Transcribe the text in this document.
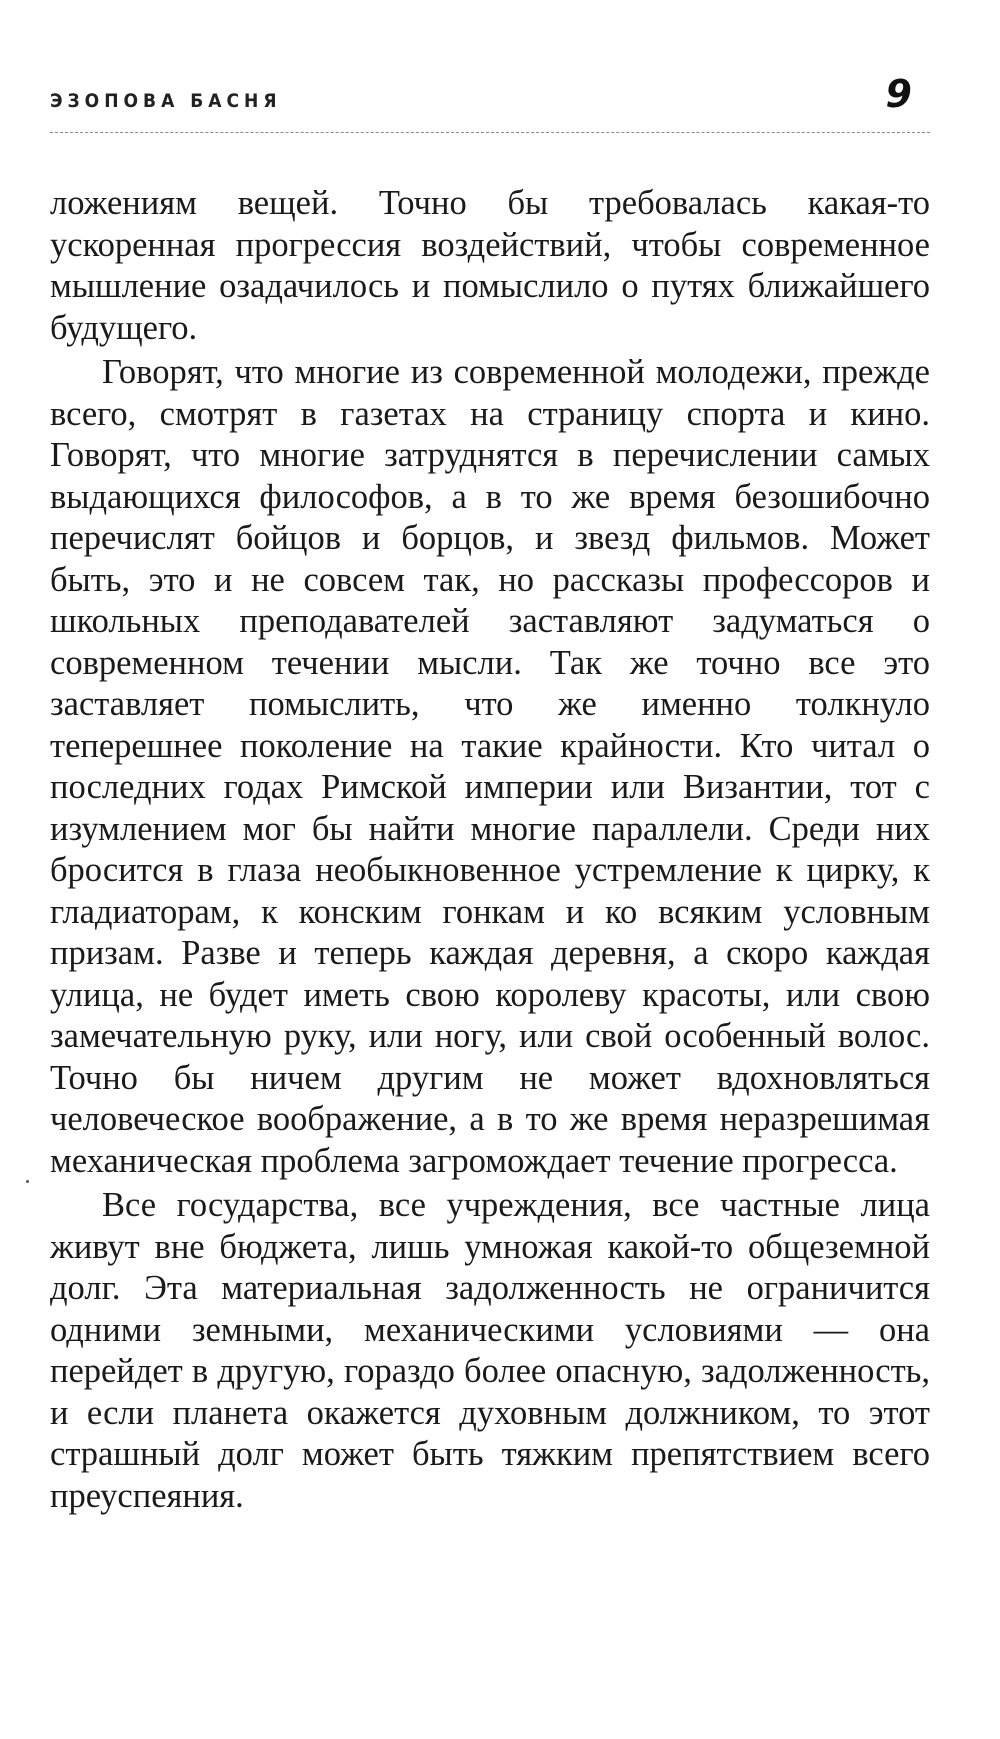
ЭЗОПОВА БАСНЯ	9

ложениям вещей. Точно бы требовалась какая-то ускоренная прогрессия воздействий, чтобы современное мышление озадачилось и помыслило о путях ближайшего будущего.

Говорят, что многие из современной молодежи, прежде всего, смотрят в газетах на страницу спорта и кино. Говорят, что многие затруднятся в перечислении самых выдающихся философов, а в то же время безошибочно перечислят бойцов и борцов, и звезд фильмов. Может быть, это и не совсем так, но рассказы профессоров и школьных преподавателей заставляют задуматься о современном течении мысли. Так же точно все это заставляет помыслить, что же именно толкнуло теперешнее поколение на такие крайности. Кто читал о последних годах Римской империи или Византии, тот с изумлением мог бы найти многие параллели. Среди них бросится в глаза необыкновенное устремление к цирку, к гладиаторам, к конским гонкам и ко всяким условным призам. Разве и теперь каждая деревня, а скоро каждая улица, не будет иметь свою королеву красоты, или свою замечательную руку, или ногу, или свой особенный волос. Точно бы ничем другим не может вдохновляться человеческое воображение, а в то же время неразрешимая механическая проблема загромождает течение прогресса.

Все государства, все учреждения, все частные лица живут вне бюджета, лишь умножая какой-то общеземной долг. Эта материальная задолженность не ограничится одними земными, механическими условиями — она перейдет в другую, гораздо более опасную, задолженность, и если планета окажется духовным должником, то этот страшный долг может быть тяжким препятствием всего преуспеяния.
